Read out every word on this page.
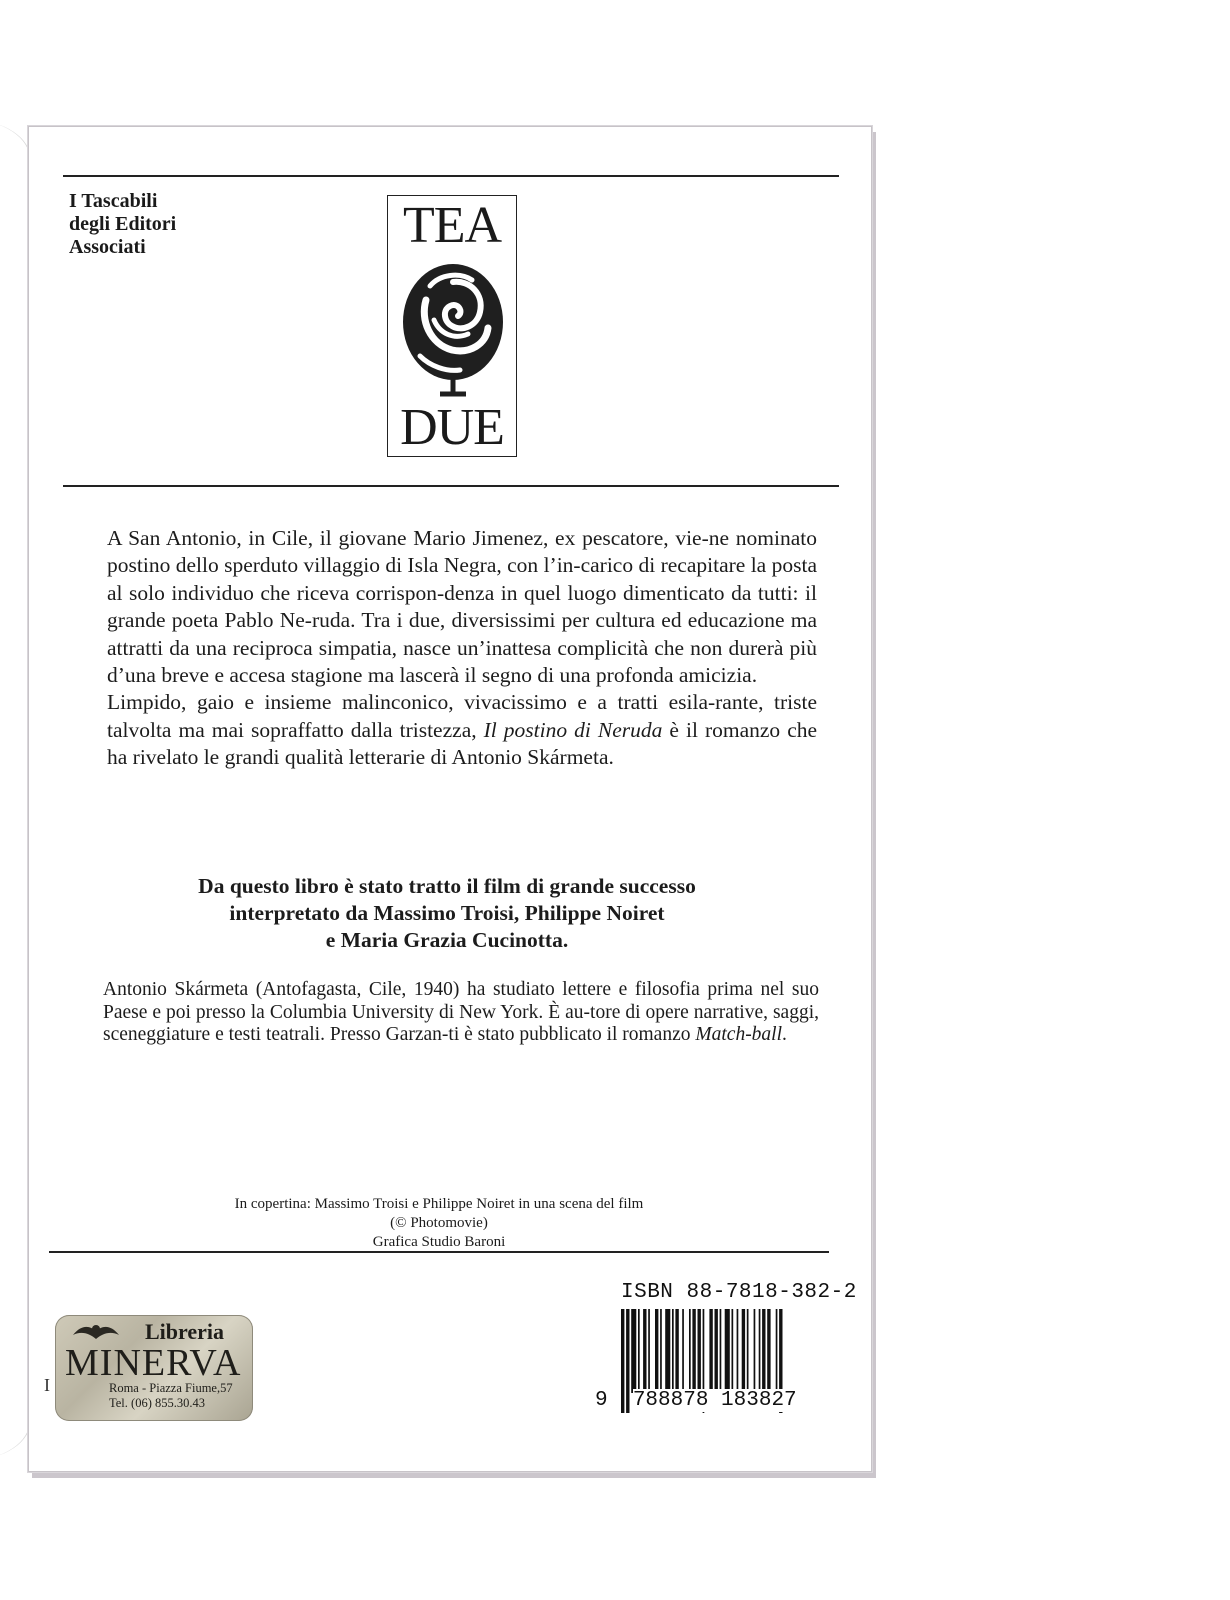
I Tascabili
degli Editori
Associati	TEA
DUE

A San Antonio, in Cile, il giovane Mario Jimenez, ex pescatore, vie-ne nominato postino dello sperduto villaggio di Isla Negra, con l’in-carico di recapitare la posta al solo individuo che riceva corrispon-denza in quel luogo dimenticato da tutti: il grande poeta Pablo Ne-ruda. Tra i due, diversissimi per cultura ed educazione ma attratti da una reciproca simpatia, nasce un’inattesa complicità che non durerà più d’una breve e accesa stagione ma lascerà il segno di una profonda amicizia.

Limpido, gaio e insieme malinconico, vivacissimo e a tratti esila-rante, triste talvolta ma mai sopraffatto dalla tristezza, Il postino di Neruda è il romanzo che ha rivelato le grandi qualità letterarie di Antonio Skármeta.

Da questo libro è stato tratto il film di grande successo
interpretato da Massimo Troisi, Philippe Noiret
e Maria Grazia Cucinotta.
Antonio Skármeta (Antofagasta, Cile, 1940) ha studiato lettere e filosofia prima nel suo Paese e poi presso la Columbia University di New York. È au-tore di opere narrative, saggi, sceneggiature e testi teatrali. Presso Garzan-ti è stato pubblicato il romanzo Match-ball.
In copertina: Massimo Troisi e Philippe Noiret in una scena del film
(© Photomovie)
Grafica Studio Baroni
ISBN 88-7818-382-2
9 788878 183827
I
Libreria
MINERVA
Roma - Piazza Fiume,57
Tel. (06) 855.30.43
